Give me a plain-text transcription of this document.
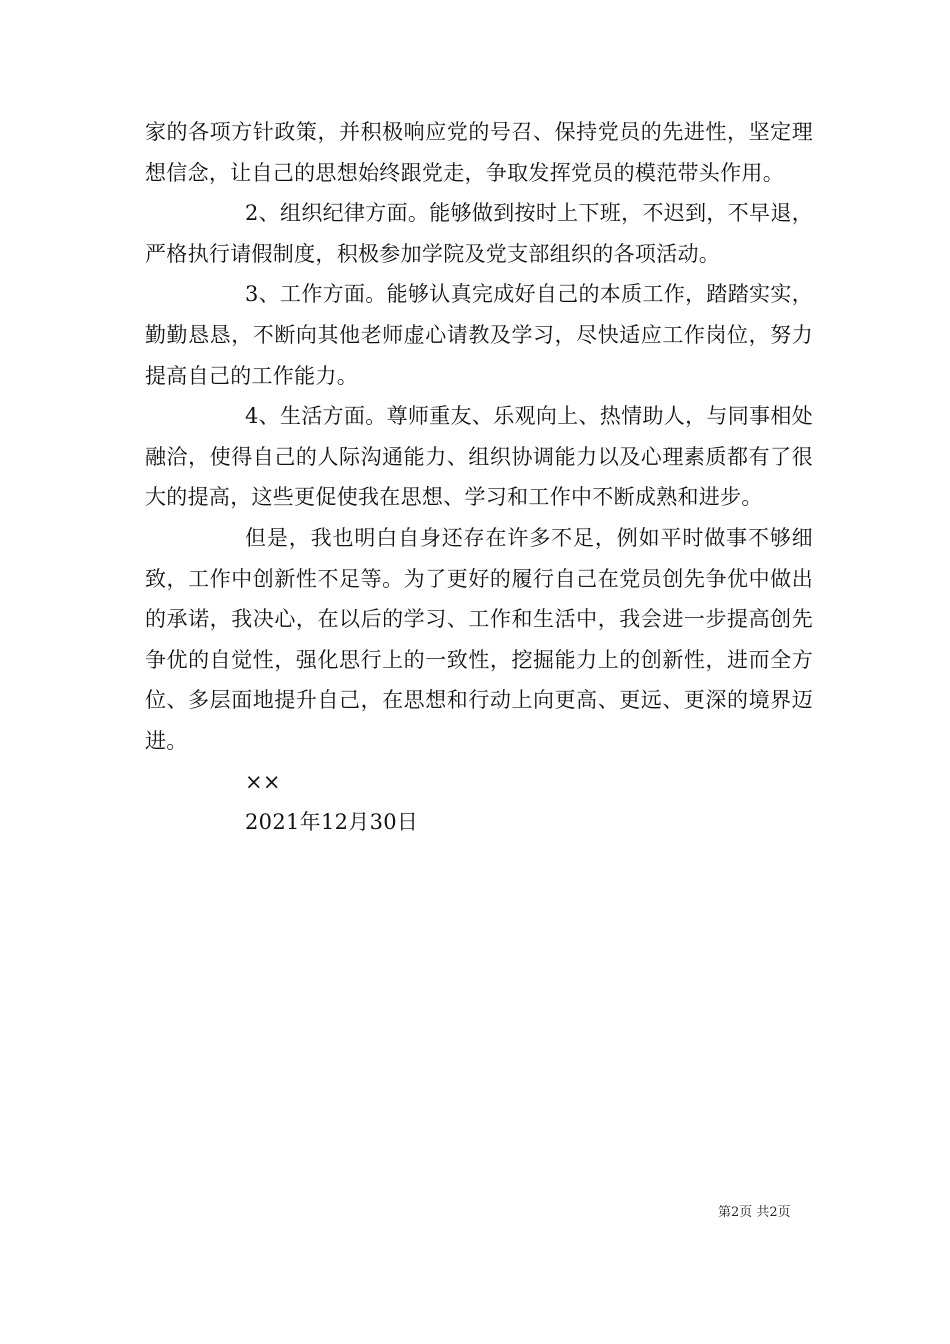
家的各项方针政策，并积极响应党的号召、保持党员的先进性，坚定理想信念，让自己的思想始终跟党走，争取发挥党员的模范带头作用。

2、组织纪律方面。能够做到按时上下班，不迟到，不早退，严格执行请假制度，积极参加学院及党支部组织的各项活动。

3、工作方面。能够认真完成好自己的本质工作，踏踏实实，勤勤恳恳，不断向其他老师虚心请教及学习，尽快适应工作岗位，努力提高自己的工作能力。

4、生活方面。尊师重友、乐观向上、热情助人，与同事相处融洽，使得自己的人际沟通能力、组织协调能力以及心理素质都有了很大的提高，这些更促使我在思想、学习和工作中不断成熟和进步。

但是，我也明白自身还存在许多不足，例如平时做事不够细致，工作中创新性不足等。为了更好的履行自己在党员创先争优中做出的承诺，我决心，在以后的学习、工作和生活中，我会进一步提高创先争优的自觉性，强化思行上的一致性，挖掘能力上的创新性，进而全方位、多层面地提升自己，在思想和行动上向更高、更远、更深的境界迈进。

××

2021年12月30日

第2页 共2页
